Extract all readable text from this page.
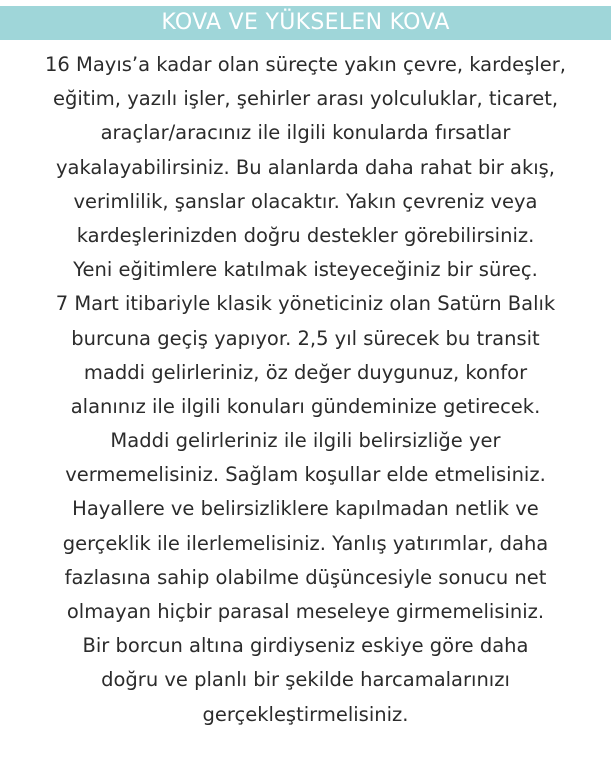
KOVA VE YÜKSELEN KOVA
16 Mayıs’a kadar olan süreçte yakın çevre, kardeşler,
eğitim, yazılı işler, şehirler arası yolculuklar, ticaret,
araçlar/aracınız ile ilgili konularda fırsatlar
yakalayabilirsiniz. Bu alanlarda daha rahat bir akış,
verimlilik, şanslar olacaktır. Yakın çevreniz veya
kardeşlerinizden doğru destekler görebilirsiniz.
Yeni eğitimlere katılmak isteyeceğiniz bir süreç.
7 Mart itibariyle klasik yöneticiniz olan Satürn Balık
burcuna geçiş yapıyor. 2,5 yıl sürecek bu transit
maddi gelirleriniz, öz değer duygunuz, konfor
alanınız ile ilgili konuları gündeminize getirecek.
Maddi gelirleriniz ile ilgili belirsizliğe yer
vermemelisiniz. Sağlam koşullar elde etmelisiniz.
Hayallere ve belirsizliklere kapılmadan netlik ve
gerçeklik ile ilerlemelisiniz. Yanlış yatırımlar, daha
fazlasına sahip olabilme düşüncesiyle sonucu net
olmayan hiçbir parasal meseleye girmemelisiniz.
Bir borcun altına girdiyseniz eskiye göre daha
doğru ve planlı bir şekilde harcamalarınızı
gerçekleştirmelisiniz.
